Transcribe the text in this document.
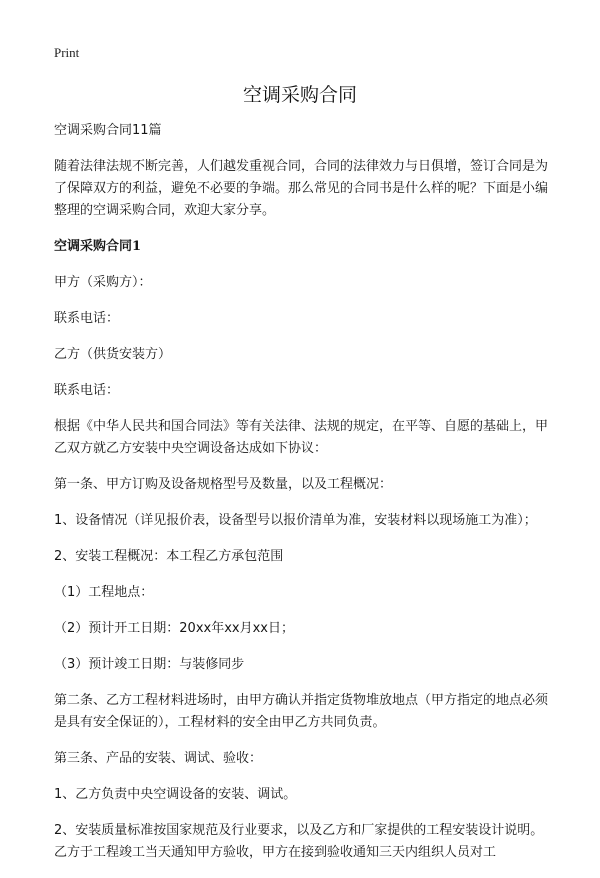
Print
空调采购合同

空调采购合同11篇

随着法律法规不断完善，人们越发重视合同，合同的法律效力与日俱增，签订合同是为了保障双方的利益，避免不必要的争端。那么常见的合同书是什么样的呢？下面是小编整理的空调采购合同，欢迎大家分享。

空调采购合同1

甲方（采购方）：

联系电话：

乙方（供货安装方）

联系电话：

根据《中华人民共和国合同法》等有关法律、法规的规定，在平等、自愿的基础上，甲乙双方就乙方安装中央空调设备达成如下协议：

第一条、甲方订购及设备规格型号及数量，以及工程概况：

1、设备情况（详见报价表，设备型号以报价清单为准，安装材料以现场施工为准）；

2、安装工程概况：本工程乙方承包范围

（1）工程地点：

（2）预计开工日期：20xx年xx月xx日；

（3）预计竣工日期：与装修同步

第二条、乙方工程材料进场时，由甲方确认并指定货物堆放地点（甲方指定的地点必须是具有安全保证的），工程材料的安全由甲乙方共同负责。

第三条、产品的安装、调试、验收：

1、乙方负责中央空调设备的安装、调试。

2、安装质量标准按国家规范及行业要求，以及乙方和厂家提供的工程安装设计说明。乙方于工程竣工当天通知甲方验收，甲方在接到验收通知三天内组织人员对工
